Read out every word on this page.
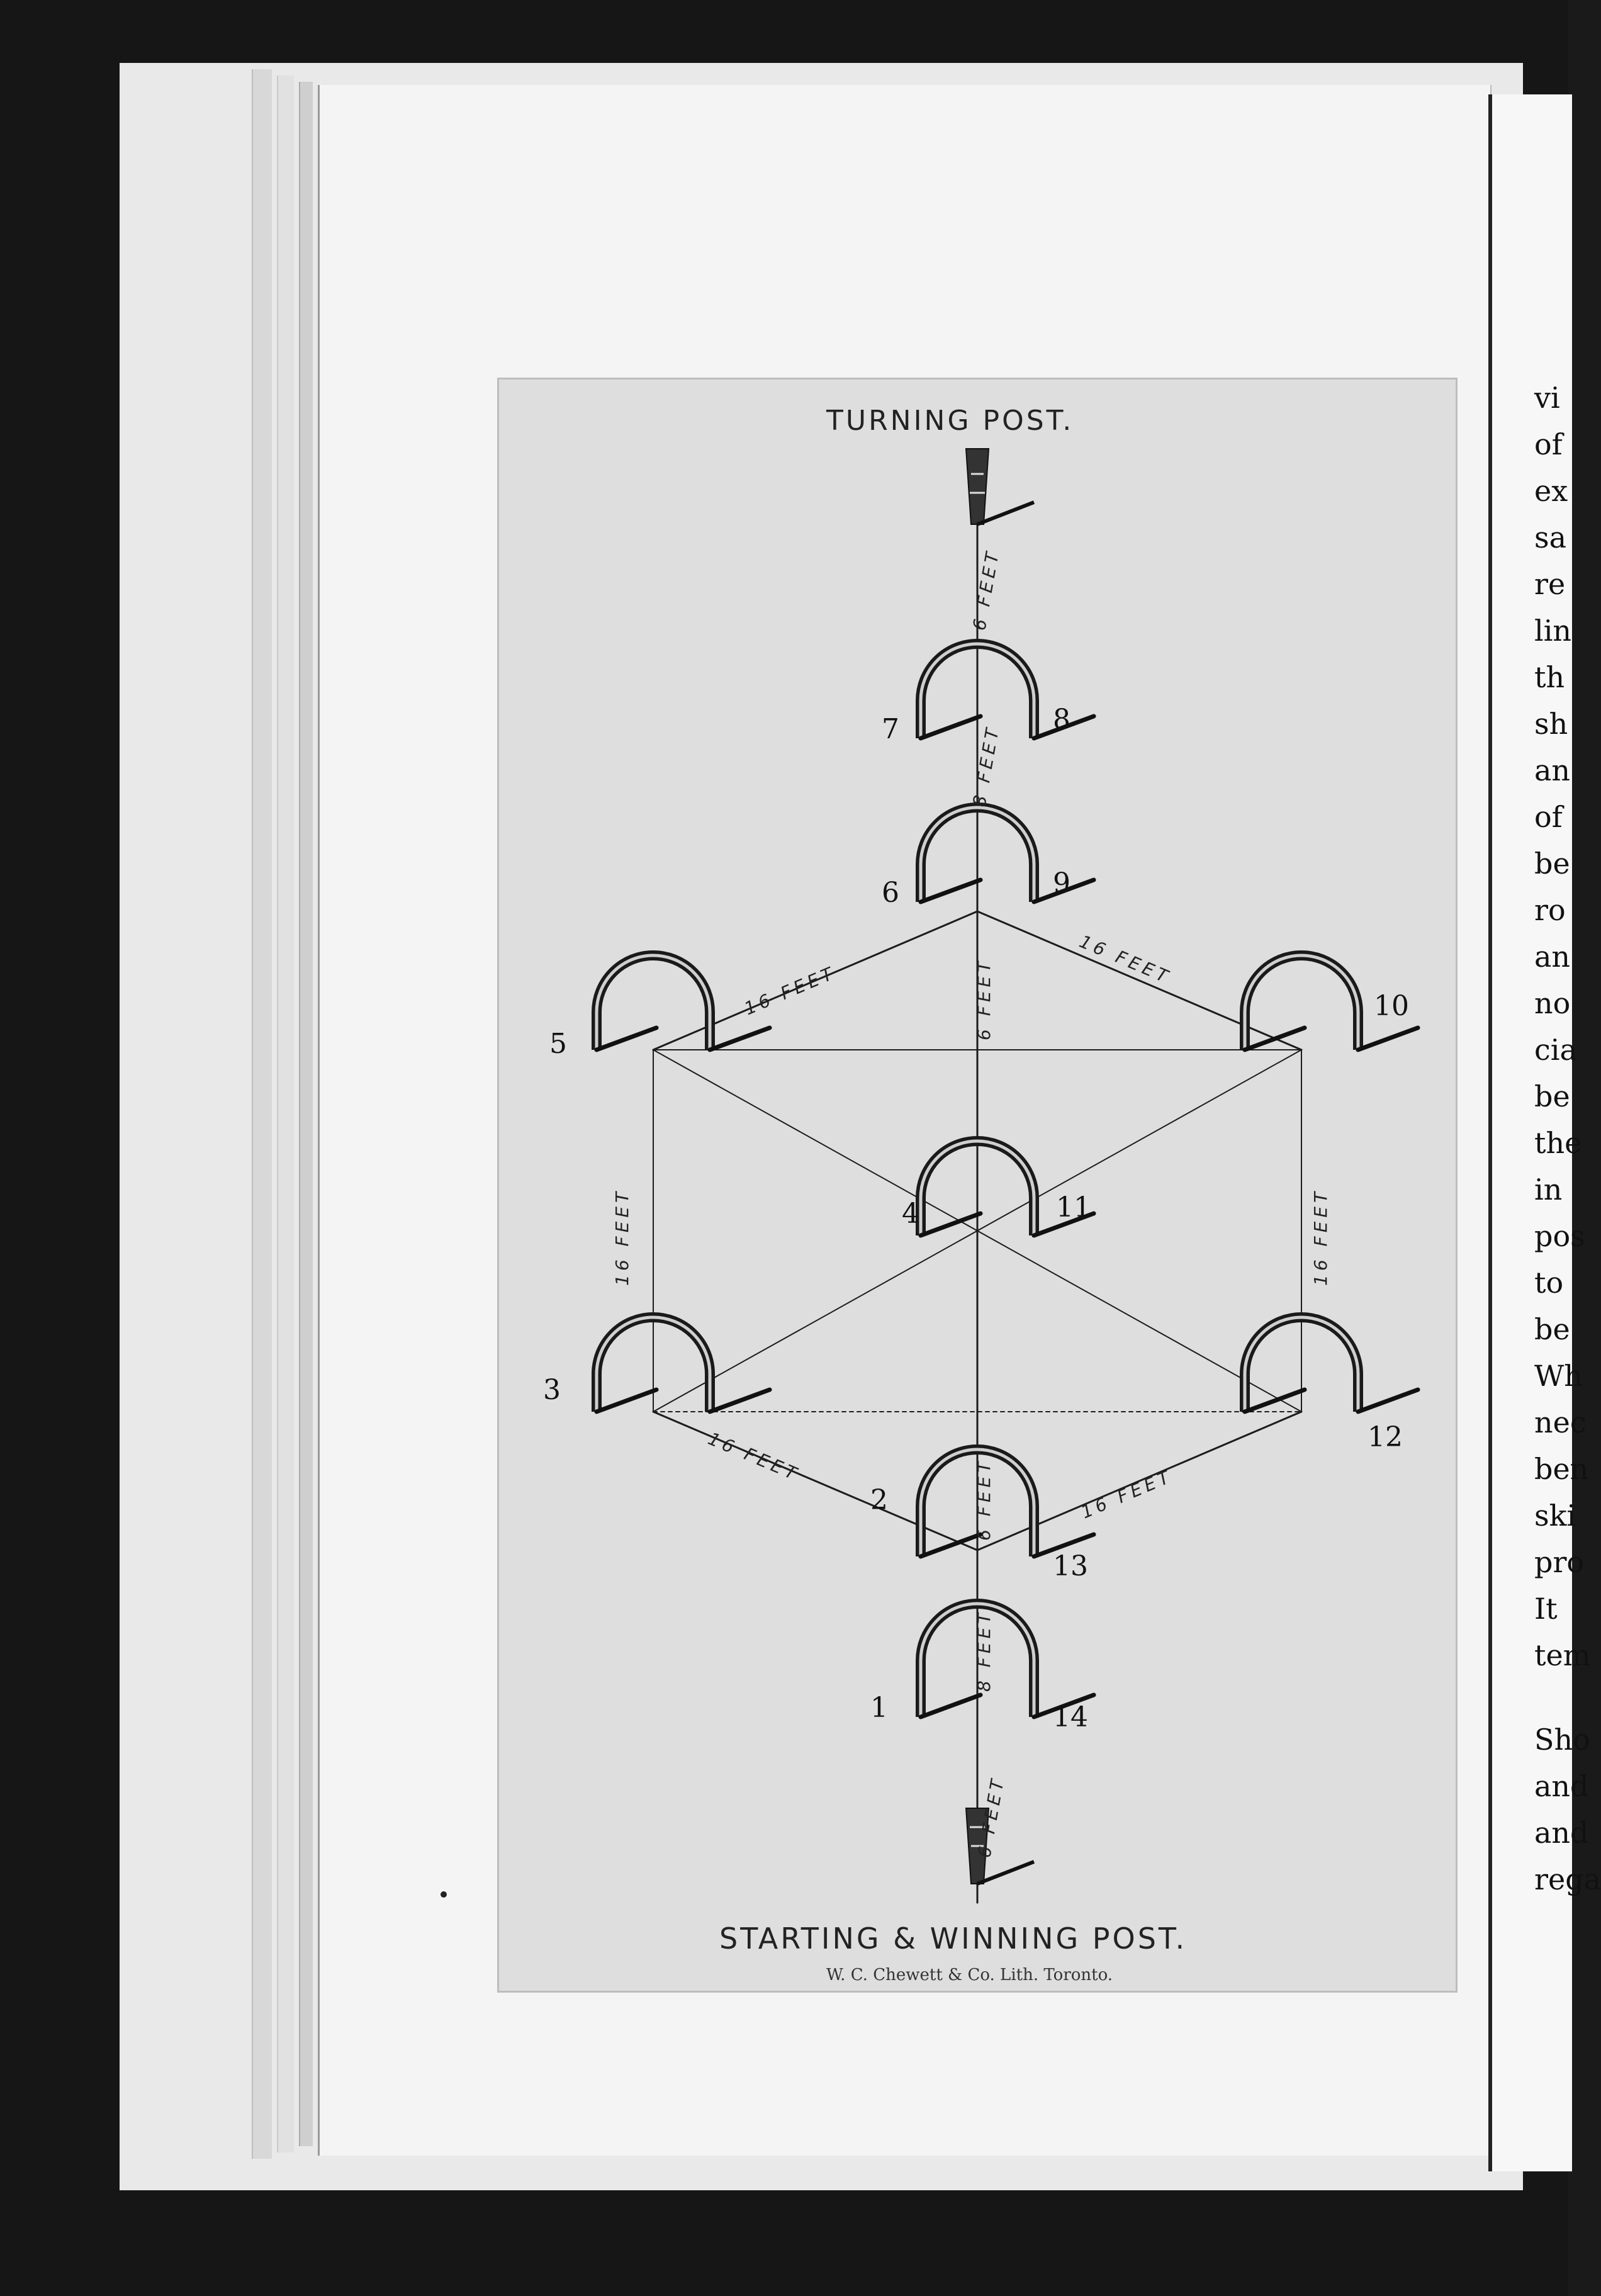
1
2
3
4
5
6
7	8
9
10
11
12
13
14
6 FEET
8 FEET
6 FEET
16 FEET
16 FEET
16 FEET	16 FEET
16 FEET
16 FEET
6 FEET
8 FEET
6 FEET
TURNING POST.
STARTING & WINNING POST.
W. C. Chewett & Co. Lith. Toronto.
vi
of
ex
sa
re
lin
th
sh
an
of
be
ro
an
no
cia
be
the
in
pos
to
be
Wh
nec
ben
ski
pro
It
tem
Sho
and
and
rega
